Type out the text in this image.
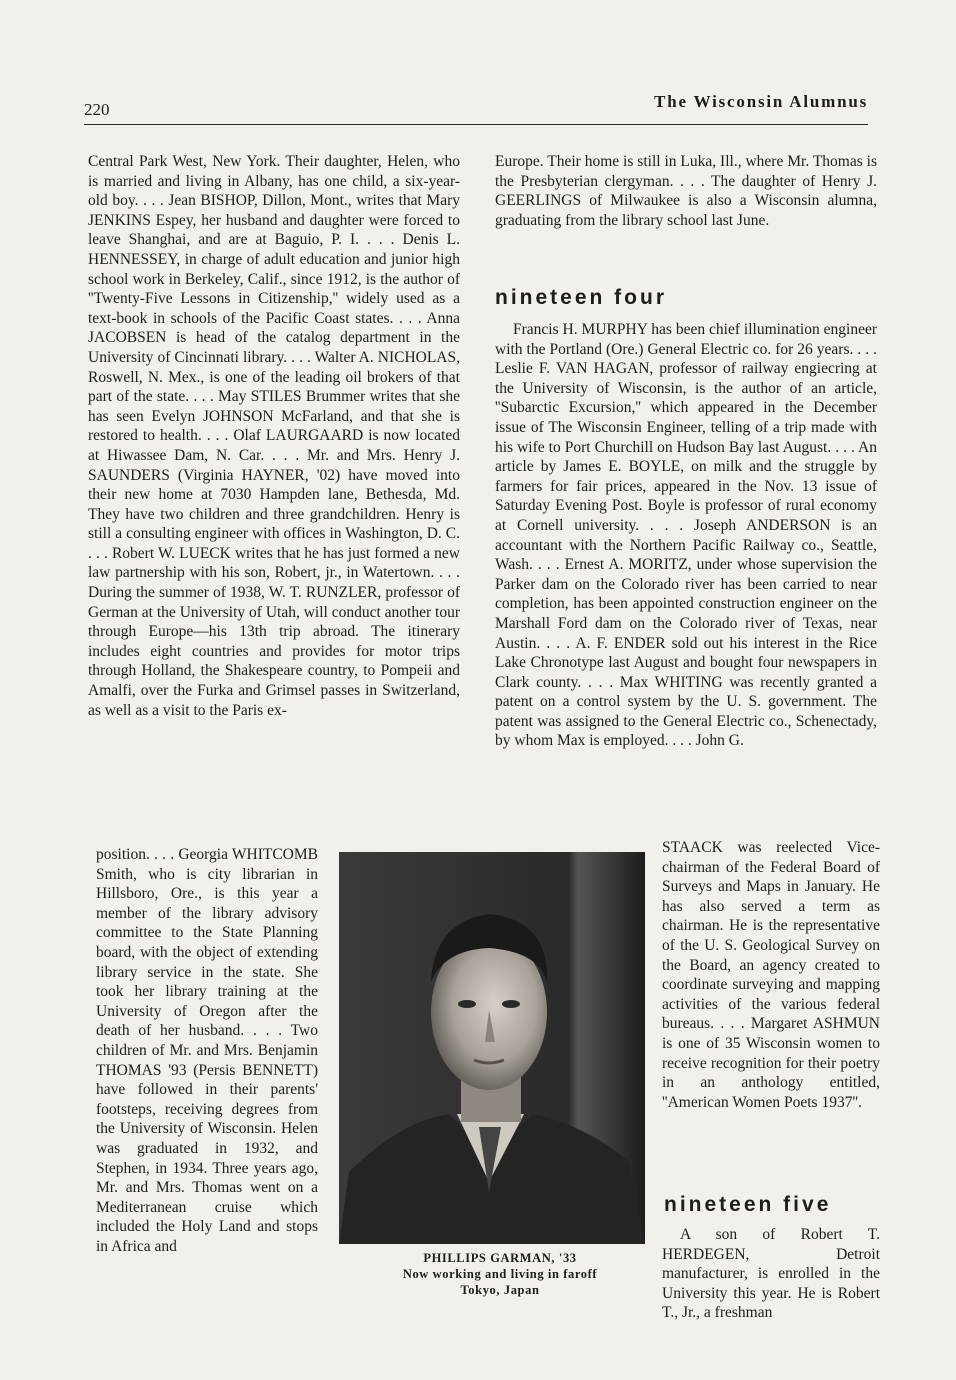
220	The Wisconsin Alumnus

Central Park West, New York. Their daughter, Helen, who is married and living in Albany, has one child, a six-year-old boy. . . . Jean BISHOP, Dillon, Mont., writes that Mary JENKINS Espey, her husband and daughter were forced to leave Shanghai, and are at Baguio, P. I. . . . Denis L. HENNESSEY, in charge of adult education and junior high school work in Berkeley, Calif., since 1912, is the author of ''Twenty-Five Lessons in Citizenship,'' widely used as a text-book in schools of the Pacific Coast states. . . . Anna JACOBSEN is head of the catalog department in the University of Cincinnati library. . . . Walter A. NICHOLAS, Roswell, N. Mex., is one of the leading oil brokers of that part of the state. . . . May STILES Brummer writes that she has seen Evelyn JOHNSON McFarland, and that she is restored to health. . . . Olaf LAURGAARD is now located at Hiwassee Dam, N. Car. . . . Mr. and Mrs. Henry J. SAUNDERS (Virginia HAYNER, '02) have moved into their new home at 7030 Hampden lane, Bethesda, Md. They have two children and three grandchildren. Henry is still a consulting engineer with offices in Washington, D. C. . . . Robert W. LUECK writes that he has just formed a new law partnership with his son, Robert, jr., in Watertown. . . . During the summer of 1938, W. T. RUNZLER, professor of German at the University of Utah, will conduct another tour through Europe—his 13th trip abroad. The itinerary includes eight countries and provides for motor trips through Holland, the Shakespeare country, to Pompeii and Amalfi, over the Furka and Grimsel passes in Switzerland, as well as a visit to the Paris ex-

position. . . . Georgia WHITCOMB Smith, who is city librarian in Hillsboro, Ore., is this year a member of the library advisory committee to the State Planning board, with the object of extending library service in the state. She took her library training at the University of Oregon after the death of her husband. . . . Two children of Mr. and Mrs. Benjamin THOMAS '93 (Persis BENNETT) have followed in their parents' footsteps, receiving degrees from the University of Wisconsin. Helen was graduated in 1932, and Stephen, in 1934. Three years ago, Mr. and Mrs. Thomas went on a Mediterranean cruise which included the Holy Land and stops in Africa and

PHILLIPS GARMAN, '33
Now working and living in faroff
Tokyo, Japan

Europe. Their home is still in Luka, Ill., where Mr. Thomas is the Presbyterian clergyman. . . . The daughter of Henry J. GEERLINGS of Milwaukee is also a Wisconsin alumna, graduating from the library school last June.

nineteen four

Francis H. MURPHY has been chief illumination engineer with the Portland (Ore.) General Electric co. for 26 years. . . . Leslie F. VAN HAGAN, professor of railway engiecring at the University of Wisconsin, is the author of an article, ''Subarctic Excursion,'' which appeared in the December issue of The Wisconsin Engineer, telling of a trip made with his wife to Port Churchill on Hudson Bay last August. . . . An article by James E. BOYLE, on milk and the struggle by farmers for fair prices, appeared in the Nov. 13 issue of Saturday Evening Post. Boyle is professor of rural economy at Cornell university. . . . Joseph ANDERSON is an accountant with the Northern Pacific Railway co., Seattle, Wash. . . . Ernest A. MORITZ, under whose supervision the Parker dam on the Colorado river has been carried to near completion, has been appointed construction engineer on the Marshall Ford dam on the Colorado river of Texas, near Austin. . . . A. F. ENDER sold out his interest in the Rice Lake Chronotype last August and bought four newspapers in Clark county. . . . Max WHITING was recently granted a patent on a control system by the U. S. government. The patent was assigned to the General Electric co., Schenectady, by whom Max is employed. . . . John G.

STAACK was reelected Vice-chairman of the Federal Board of Surveys and Maps in January. He has also served a term as chairman. He is the representative of the U. S. Geological Survey on the Board, an agency created to coordinate surveying and mapping activities of the various federal bureaus. . . . Margaret ASHMUN is one of 35 Wisconsin women to receive recognition for their poetry in an anthology entitled, ''American Women Poets 1937''.

nineteen five

A son of Robert T. HERDEGEN, Detroit manufacturer, is enrolled in the University this year. He is Robert T., Jr., a freshman
